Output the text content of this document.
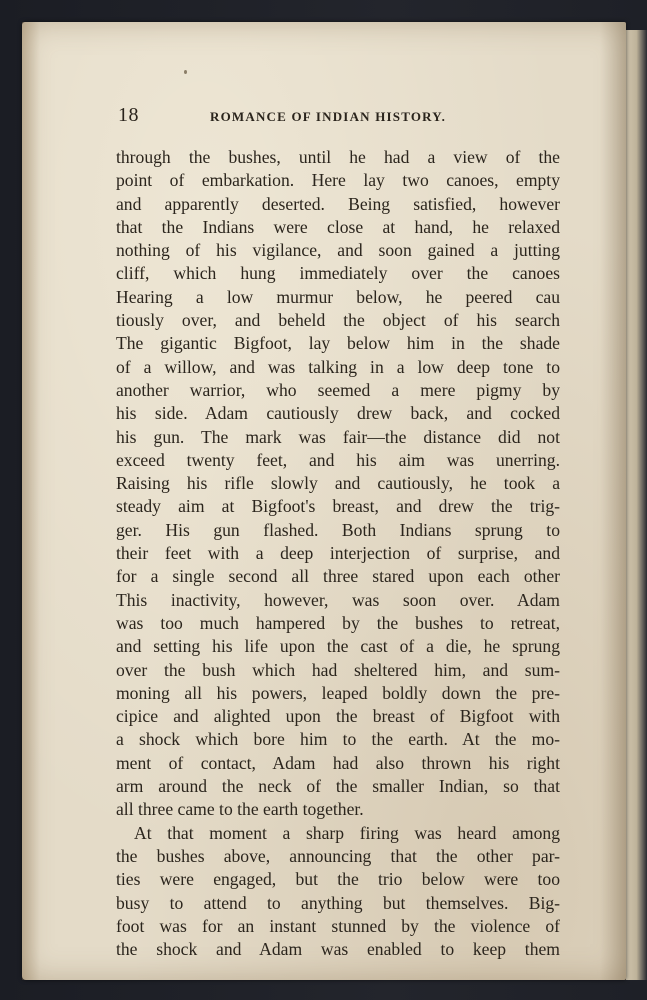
18	ROMANCE OF INDIAN HISTORY.
through the bushes, until he had a view of the
point of embarkation. Here lay two canoes, empty
and apparently deserted. Being satisfied, however
that the Indians were close at hand, he relaxed
nothing of his vigilance, and soon gained a jutting
cliff, which hung immediately over the canoes
Hearing a low murmur below, he peered cau
tiously over, and beheld the object of his search
The gigantic Bigfoot, lay below him in the shade
of a willow, and was talking in a low deep tone to
another warrior, who seemed a mere pigmy by
his side. Adam cautiously drew back, and cocked
his gun. The mark was fair—the distance did not
exceed twenty feet, and his aim was unerring.
Raising his rifle slowly and cautiously, he took a
steady aim at Bigfoot's breast, and drew the trig-
ger. His gun flashed. Both Indians sprung to
their feet with a deep interjection of surprise, and
for a single second all three stared upon each other
This inactivity, however, was soon over. Adam
was too much hampered by the bushes to retreat,
and setting his life upon the cast of a die, he sprung
over the bush which had sheltered him, and sum-
moning all his powers, leaped boldly down the pre-
cipice and alighted upon the breast of Bigfoot with
a shock which bore him to the earth. At the mo-
ment of contact, Adam had also thrown his right
arm around the neck of the smaller Indian, so that
all three came to the earth together.
At that moment a sharp firing was heard among
the bushes above, announcing that the other par-
ties were engaged, but the trio below were too
busy to attend to anything but themselves. Big-
foot was for an instant stunned by the violence of
the shock and Adam was enabled to keep them
